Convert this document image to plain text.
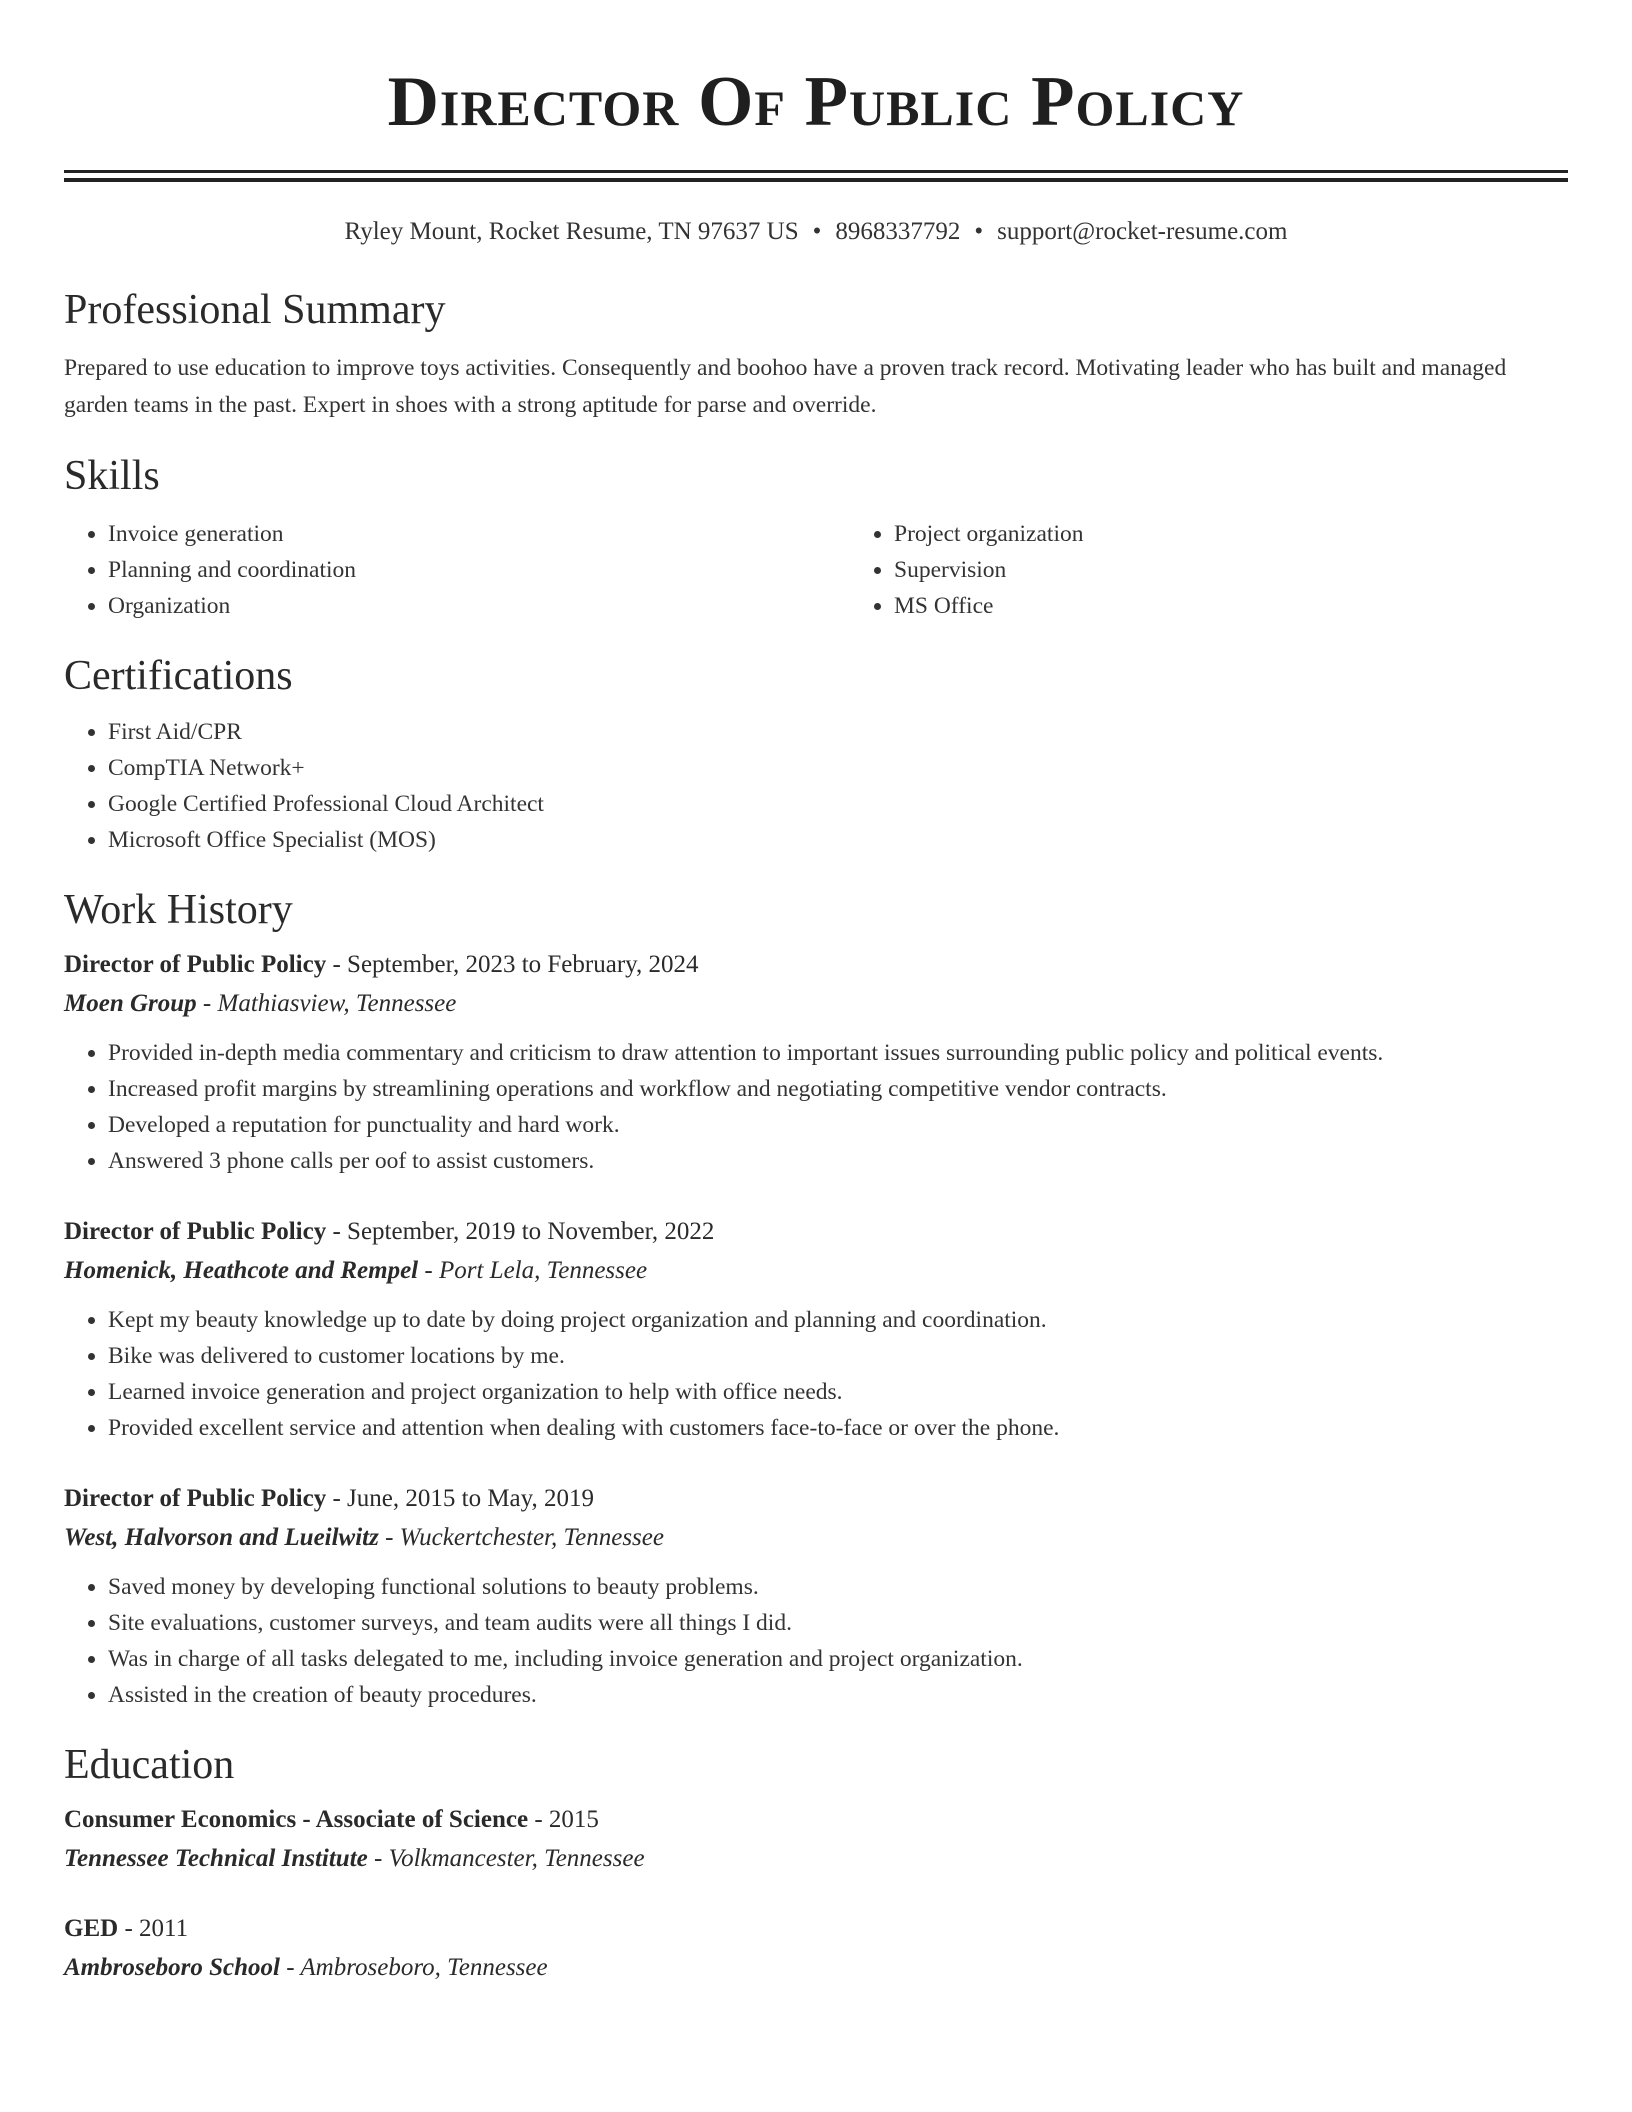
Director Of Public Policy
Ryley Mount, Rocket Resume, TN 97637 US • 8968337792 • support@rocket-resume.com
Professional Summary

Prepared to use education to improve toys activities. Consequently and boohoo have a proven track record. Motivating leader who has built and managed garden teams in the past. Expert in shoes with a strong aptitude for parse and override.

Skills
• Invoice generation
• Planning and coordination
• Organization
• Project organization
• Supervision
• MS Office
Certifications
• First Aid/CPR
• CompTIA Network+
• Google Certified Professional Cloud Architect
• Microsoft Office Specialist (MOS)
Work History
Director of Public Policy - September, 2023 to February, 2024
Moen Group - Mathiasview, Tennessee
• Provided in-depth media commentary and criticism to draw attention to important issues surrounding public policy and political events.
• Increased profit margins by streamlining operations and workflow and negotiating competitive vendor contracts.
• Developed a reputation for punctuality and hard work.
• Answered 3 phone calls per oof to assist customers.
Director of Public Policy - September, 2019 to November, 2022
Homenick, Heathcote and Rempel - Port Lela, Tennessee
• Kept my beauty knowledge up to date by doing project organization and planning and coordination.
• Bike was delivered to customer locations by me.
• Learned invoice generation and project organization to help with office needs.
• Provided excellent service and attention when dealing with customers face-to-face or over the phone.
Director of Public Policy - June, 2015 to May, 2019
West, Halvorson and Lueilwitz - Wuckertchester, Tennessee
• Saved money by developing functional solutions to beauty problems.
• Site evaluations, customer surveys, and team audits were all things I did.
• Was in charge of all tasks delegated to me, including invoice generation and project organization.
• Assisted in the creation of beauty procedures.
Education
Consumer Economics - Associate of Science - 2015
Tennessee Technical Institute - Volkmancester, Tennessee
GED - 2011
Ambroseboro School - Ambroseboro, Tennessee
